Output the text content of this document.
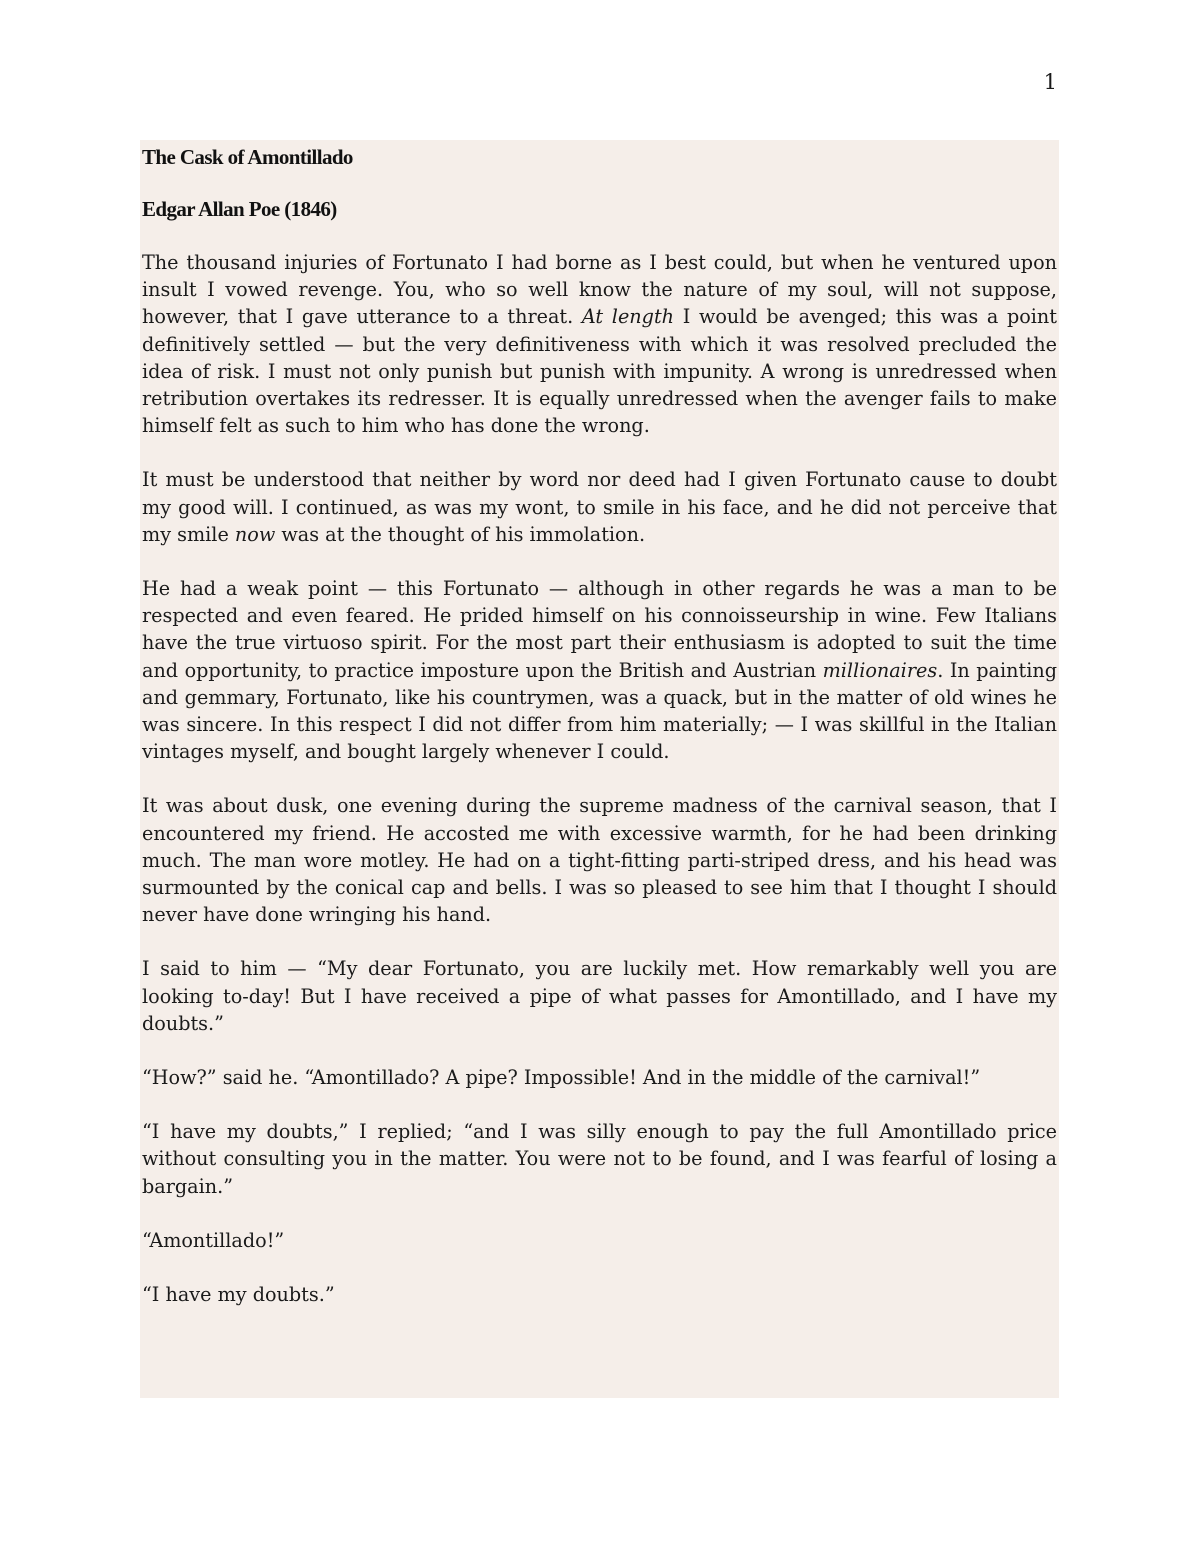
1

The Cask of Amontillado

Edgar Allan Poe (1846)

The thousand injuries of Fortunato I had borne as I best could, but when he ventured upon insult I vowed revenge. You, who so well know the nature of my soul, will not suppose, however, that I gave utterance to a threat. At length I would be avenged; this was a point definitively settled — but the very definitiveness with which it was resolved precluded the idea of risk. I must not only punish but punish with impunity. A wrong is unredressed when retribution overtakes its redresser. It is equally unredressed when the avenger fails to make himself felt as such to him who has done the wrong.

It must be understood that neither by word nor deed had I given Fortunato cause to doubt my good will. I continued, as was my wont, to smile in his face, and he did not perceive that my smile now was at the thought of his immolation.

He had a weak point — this Fortunato — although in other regards he was a man to be respected and even feared. He prided himself on his connoisseurship in wine. Few Italians have the true virtuoso spirit. For the most part their enthusiasm is adopted to suit the time and opportunity, to practice imposture upon the British and Austrian millionaires. In painting and gemmary, Fortunato, like his countrymen, was a quack, but in the matter of old wines he was sincere. In this respect I did not differ from him materially; — I was skillful in the Italian vintages myself, and bought largely whenever I could.

It was about dusk, one evening during the supreme madness of the carnival season, that I encountered my friend. He accosted me with excessive warmth, for he had been drinking much. The man wore motley. He had on a tight-fitting parti-striped dress, and his head was surmounted by the conical cap and bells. I was so pleased to see him that I thought I should never have done wringing his hand.

I said to him — “My dear Fortunato, you are luckily met. How remarkably well you are looking to-day! But I have received a pipe of what passes for Amontillado, and I have my doubts.”

“How?” said he. “Amontillado? A pipe? Impossible! And in the middle of the carnival!”

“I have my doubts,” I replied; “and I was silly enough to pay the full Amontillado price without consulting you in the matter. You were not to be found, and I was fearful of losing a bargain.”

“Amontillado!”

“I have my doubts.”
